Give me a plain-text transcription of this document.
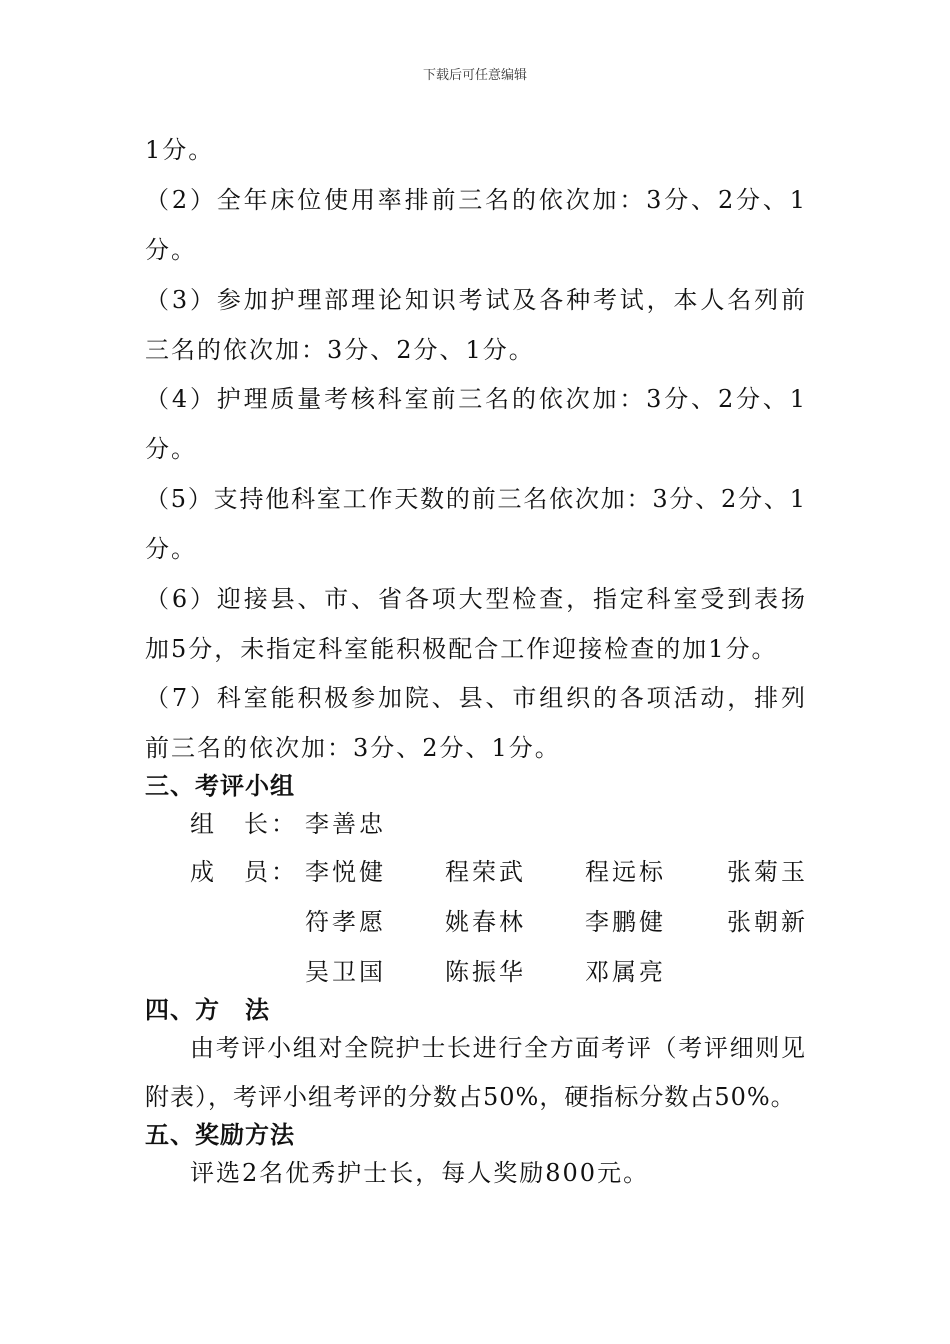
下载后可任意编辑
1分。
（2）全年床位使用率排前三名的依次加：3分、2分、1
分。
（3）参加护理部理论知识考试及各种考试，本人名列前
三名的依次加：3分、2分、1分。
（4）护理质量考核科室前三名的依次加：3分、2分、1
分。
（5）支持他科室工作天数的前三名依次加：3分、2分、1
分。
（6）迎接县、市、省各项大型检查，指定科室受到表扬
加5分，未指定科室能积极配合工作迎接检查的加1分。
（7）科室能积极参加院、县、市组织的各项活动，排列
前三名的依次加：3分、2分、1分。
三、考评小组
组　长： 李善忠
成　员： 李悦健 程荣武 程远标	张菊玉
符孝愿 姚春林 李鹏健	张朝新
吴卫国 陈振华 邓属亮
四、方　法
由考评小组对全院护士长进行全方面考评（考评细则见
附表），考评小组考评的分数占50%，硬指标分数占50%。
五、奖励方法
评选2名优秀护士长，每人奖励800元。
